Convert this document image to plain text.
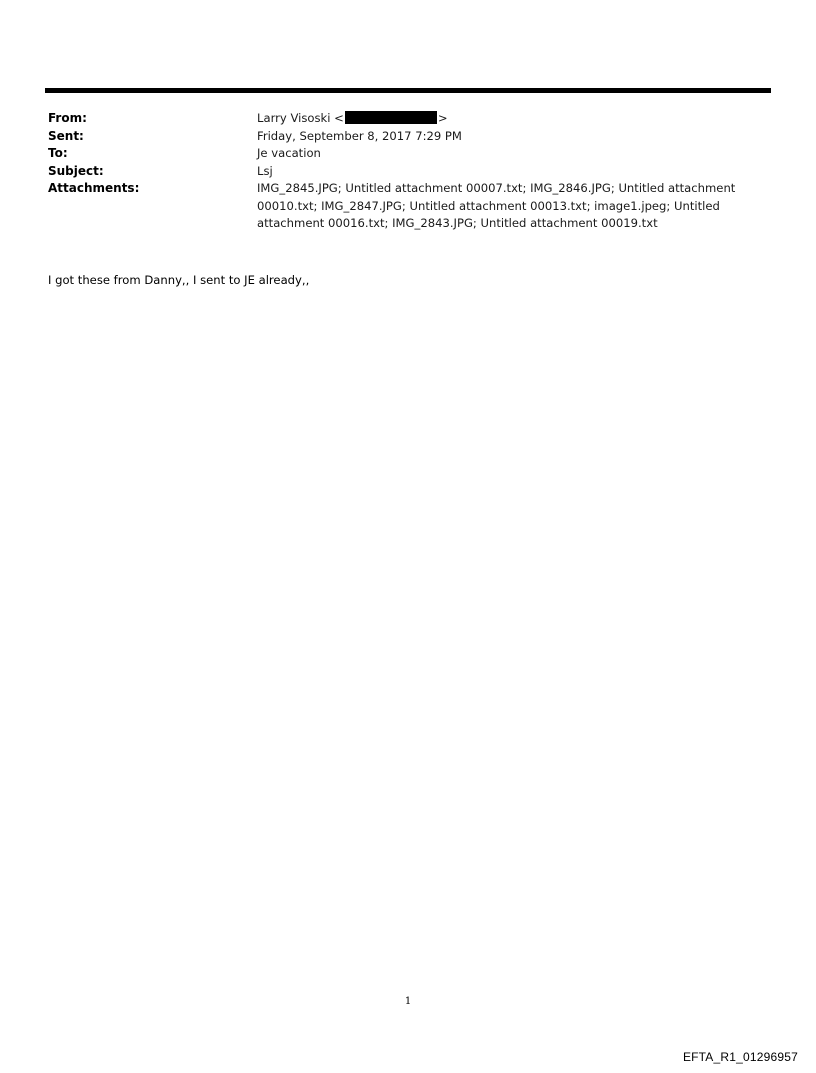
From:	Larry Visoski <	>
Sent:	Friday, September 8, 2017 7:29 PM
To:	Je vacation
Subject:	Lsj
Attachments:	IMG_2845.JPG; Untitled attachment 00007.txt; IMG_2846.JPG; Untitled attachment 00010.txt; IMG_2847.JPG; Untitled attachment 00013.txt; image1.jpeg; Untitled attachment 00016.txt; IMG_2843.JPG; Untitled attachment 00019.txt
I got these from Danny,, I sent to JE already,,
1
EFTA_R1_01296957
